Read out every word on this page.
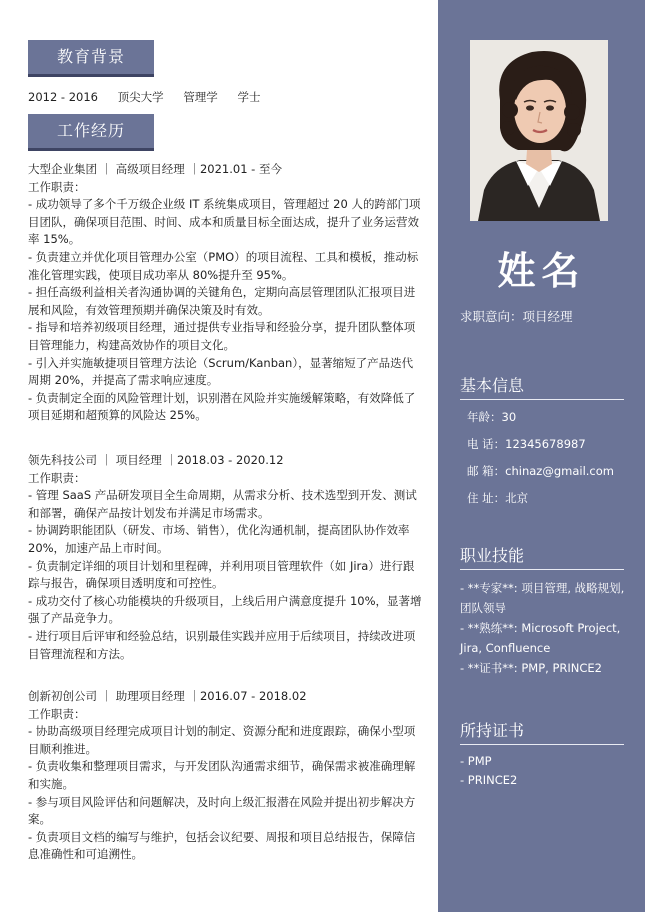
教育背景
2012 - 2016 顶尖大学 管理学 学士
工作经历

大型企业集团 ｜ 高级项目经理 ｜2021.01 - 至今

工作职责：

- 成功领导了多个千万级企业级 IT 系统集成项目，管理超过 20 人的跨部门项目团队，确保项目范围、时间、成本和质量目标全面达成，提升了业务运营效率 15%。

- 负责建立并优化项目管理办公室（PMO）的项目流程、工具和模板，推动标准化管理实践，使项目成功率从 80%提升至 95%。

- 担任高级利益相关者沟通协调的关键角色，定期向高层管理团队汇报项目进展和风险，有效管理预期并确保决策及时有效。

- 指导和培养初级项目经理，通过提供专业指导和经验分享，提升团队整体项目管理能力，构建高效协作的项目文化。

- 引入并实施敏捷项目管理方法论（Scrum/Kanban），显著缩短了产品迭代周期 20%，并提高了需求响应速度。

- 负责制定全面的风险管理计划，识别潜在风险并实施缓解策略，有效降低了项目延期和超预算的风险达 25%。

领先科技公司 ｜ 项目经理 ｜2018.03 - 2020.12

工作职责：

- 管理 SaaS 产品研发项目全生命周期，从需求分析、技术选型到开发、测试和部署，确保产品按计划发布并满足市场需求。

- 协调跨职能团队（研发、市场、销售），优化沟通机制，提高团队协作效率 20%，加速产品上市时间。

- 负责制定详细的项目计划和里程碑，并利用项目管理软件（如 Jira）进行跟踪与报告，确保项目透明度和可控性。

- 成功交付了核心功能模块的升级项目，上线后用户满意度提升 10%，显著增强了产品竞争力。

- 进行项目后评审和经验总结，识别最佳实践并应用于后续项目，持续改进项目管理流程和方法。

创新初创公司 ｜ 助理项目经理 ｜2016.07 - 2018.02

工作职责：

- 协助高级项目经理完成项目计划的制定、资源分配和进度跟踪，确保小型项目顺利推进。

- 负责收集和整理项目需求，与开发团队沟通需求细节，确保需求被准确理解和实施。

- 参与项目风险评估和问题解决，及时向上级汇报潜在风险并提出初步解决方案。

- 负责项目文档的编写与维护，包括会议纪要、周报和项目总结报告，保障信息准确性和可追溯性。

姓名
求职意向：项目经理
基本信息
年龄：30
电 话：12345678987
邮 箱：chinaz@gmail.com
住 址：北京
职业技能

- **专家**: 项目管理, 战略规划, 团队领导

- **熟练**: Microsoft Project, Jira, Confluence

- **证书**: PMP, PRINCE2

所持证书

- PMP

- PRINCE2
